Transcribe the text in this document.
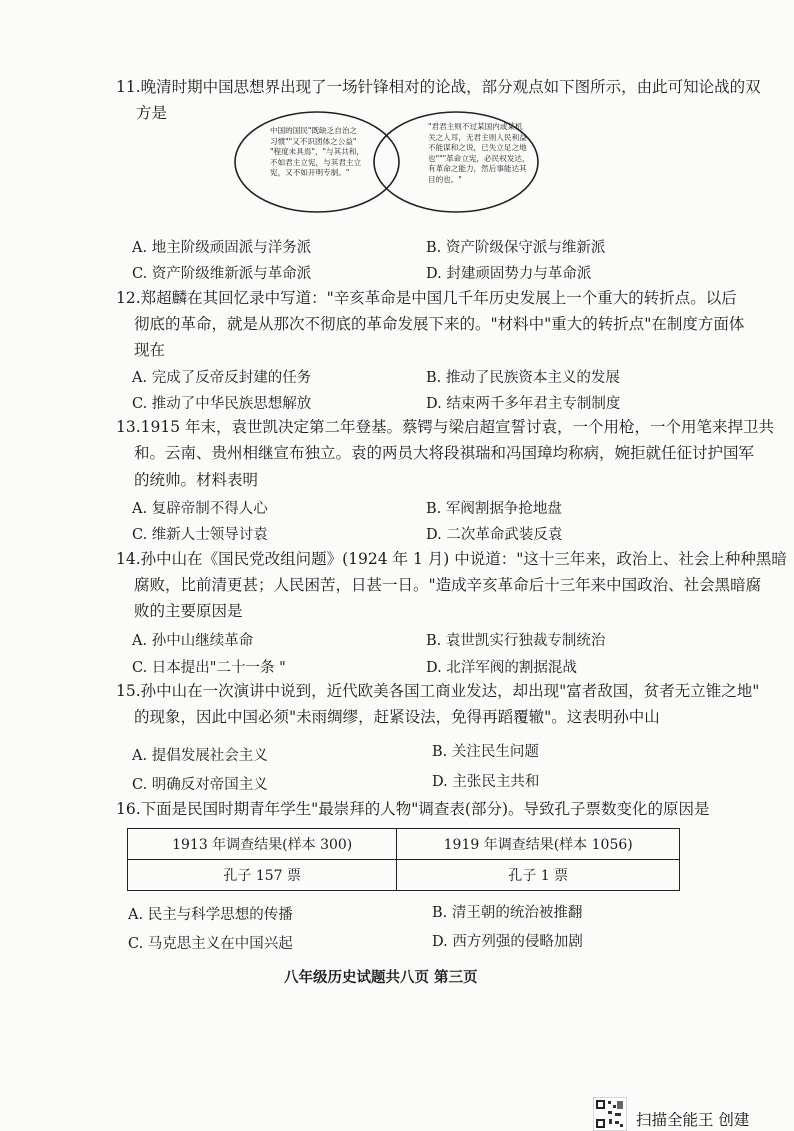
11.晚清时期中国思想界出现了一场针锋相对的论战，部分观点如下图所示，由此可知论战的双
方是
中国的国民"既缺乏自治之
习惯""又不识团体之公益"
"程度未具焉"，"与其共和，
不如君主立宪，与其君主立
宪，又不如开明专制。"
"君君主则不过某国内或某机
关之人耳，无君主则人民利益
不能谋和之说，已失立足之地
也"""革命立宪，必民权发达，
有革命之能力，然后事能达其
目的也。"
A. 地主阶级顽固派与洋务派	B. 资产阶级保守派与维新派
C. 资产阶级维新派与革命派	D. 封建顽固势力与革命派
12.郑超麟在其回忆录中写道："辛亥革命是中国几千年历史发展上一个重大的转折点。以后
彻底的革命，就是从那次不彻底的革命发展下来的。"材料中"重大的转折点"在制度方面体
现在
A. 完成了反帝反封建的任务	B. 推动了民族资本主义的发展
C. 推动了中华民族思想解放	D. 结束两千多年君主专制制度
13.1915 年末，袁世凯决定第二年登基。蔡锷与梁启超宣誓讨袁，一个用枪，一个用笔来捍卫共
和。云南、贵州相继宣布独立。袁的两员大将段祺瑞和冯国璋均称病，婉拒就任征讨护国军
的统帅。材料表明
A. 复辟帝制不得人心	B. 军阀割据争抢地盘
C. 维新人士领导讨袁	D. 二次革命武装反袁
14.孙中山在《国民党改组问题》(1924 年 1 月) 中说道："这十三年来，政治上、社会上种种黑暗
腐败，比前清更甚；人民困苦，日甚一日。"造成辛亥革命后十三年来中国政治、社会黑暗腐
败的主要原因是
A. 孙中山继续革命	B. 袁世凯实行独裁专制统治
C. 日本提出"二十一条 "	D. 北洋军阀的割据混战
15.孙中山在一次演讲中说到，近代欧美各国工商业发达，却出现"富者敌国，贫者无立锥之地"
的现象，因此中国必须"未雨绸缪，赶紧设法，免得再蹈覆辙"。这表明孙中山
A. 提倡发展社会主义	B. 关注民生问题
C. 明确反对帝国主义	D. 主张民主共和
16.下面是民国时期青年学生"最崇拜的人物"调查表(部分)。导致孔子票数变化的原因是
1913 年调查结果(样本 300)	1919 年调查结果(样本 1056)
孔子 157 票	孔子 1 票
A. 民主与科学思想的传播	B. 清王朝的统治被推翻
C. 马克思主义在中国兴起	D. 西方列强的侵略加剧
八年级历史试题共八页 第三页
扫描全能王 创建
